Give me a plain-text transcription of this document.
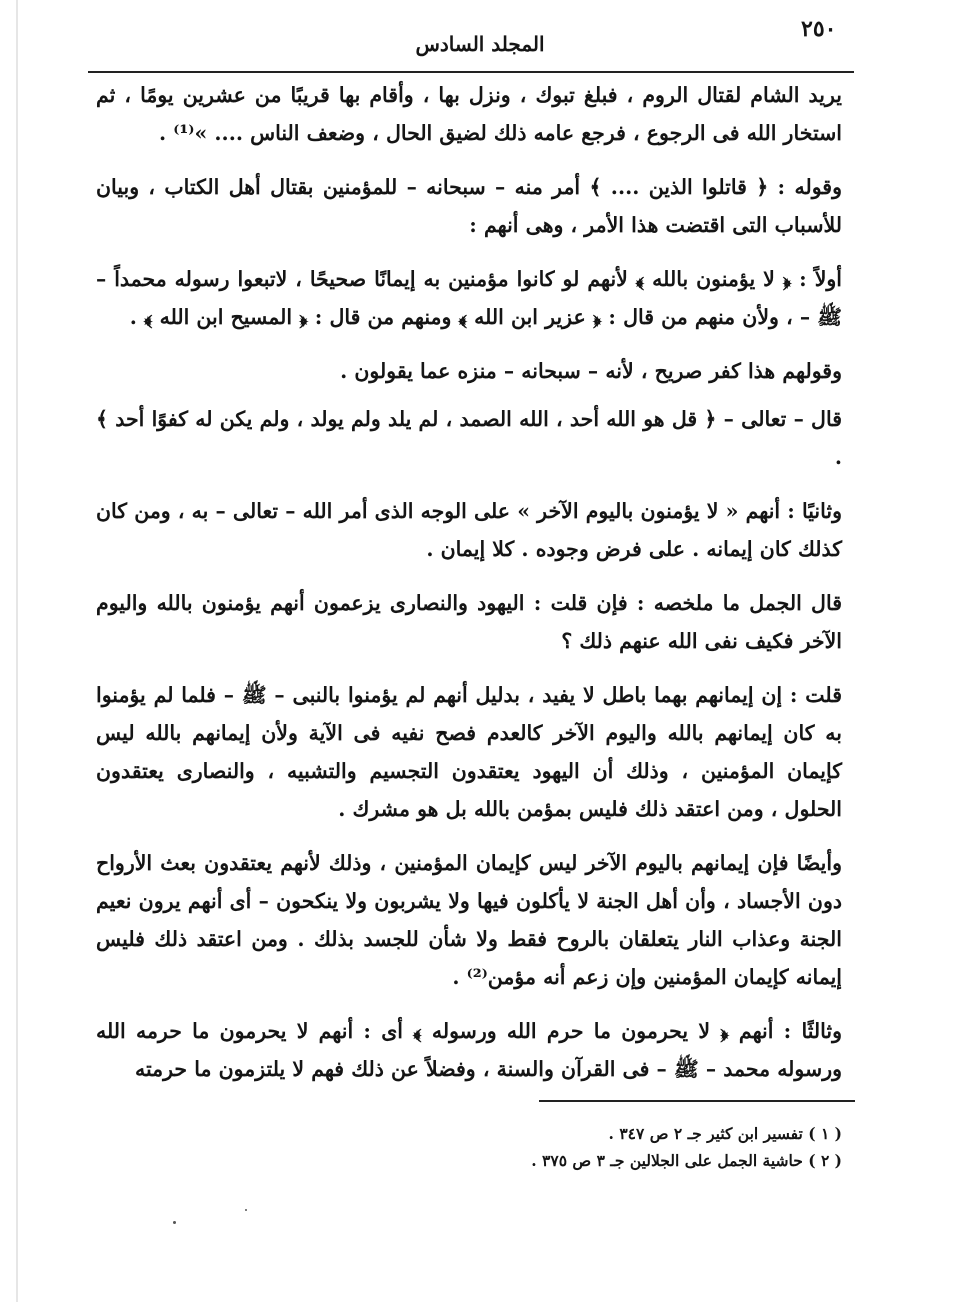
٢٥٠
المجلد السادس

يريد الشام لقتال الروم ، فبلغ تبوك ، ونزل بها ، وأقام بها قريبًا من عشرين يومًا ، ثم استخار الله فى الرجوع ، فرجع عامه ذلك لضيق الحال ، وضعف الناس .... »⁽¹⁾ .

وقوله : ﴿ قاتلوا الذين .... ﴾ أمر منه – سبحانه – للمؤمنين بقتال أهل الكتاب ، وبيان للأسباب التى اقتضت هذا الأمر ، وهى أنهم :

أولاً : ﴿ لا يؤمنون بالله ﴾ لأنهم لو كانوا مؤمنين به إيمانًا صحيحًا ، لاتبعوا رسوله محمداً – ﷺ – ، ولأن منهم من قال : ﴿ عزير ابن الله ﴾ ومنهم من قال : ﴿ المسيح ابن الله ﴾ .

وقولهم هذا كفر صريح ، لأنه – سبحانه – منزه عما يقولون .

قال – تعالى – ﴿ قل هو الله أحد ، الله الصمد ، لم يلد ولم يولد ، ولم يكن له كفوًا أحد ﴾ .

وثانيًا : أنهم « لا يؤمنون باليوم الآخر » على الوجه الذى أمر الله – تعالى – به ، ومن كان كذلك كان إيمانه . على فرض وجوده . كلا إيمان .

قال الجمل ما ملخصه : فإن قلت : اليهود والنصارى يزعمون أنهم يؤمنون بالله واليوم الآخر فكيف نفى الله عنهم ذلك ؟

قلت : إن إيمانهم بهما باطل لا يفيد ، بدليل أنهم لم يؤمنوا بالنبى – ﷺ – فلما لم يؤمنوا به كان إيمانهم بالله واليوم الآخر كالعدم فصح نفيه فى الآية ولأن إيمانهم بالله ليس كإيمان المؤمنين ، وذلك أن اليهود يعتقدون التجسيم والتشبيه ، والنصارى يعتقدون الحلول ، ومن اعتقد ذلك فليس بمؤمن بالله بل هو مشرك .

وأيضًا فإن إيمانهم باليوم الآخر ليس كإيمان المؤمنين ، وذلك لأنهم يعتقدون بعث الأرواح دون الأجساد ، وأن أهل الجنة لا يأكلون فيها ولا يشربون ولا ينكحون – أى أنهم يرون نعيم الجنة وعذاب النار يتعلقان بالروح فقط ولا شأن للجسد بذلك . ومن اعتقد ذلك فليس إيمانه كإيمان المؤمنين وإن زعم أنه مؤمن⁽²⁾ .

وثالثًا : أنهم ﴿ لا يحرمون ما حرم الله ورسوله ﴾ أى : أنهم لا يحرمون ما حرمه الله ورسوله محمد – ﷺ – فى القرآن والسنة ، وفضلاً عن ذلك فهم لا يلتزمون ما حرمته

( ١ ) تفسير ابن كثير جـ ٢ ص ٣٤٧ .
( ٢ ) حاشية الجمل على الجلالين جـ ٣ ص ٣٧٥ .
